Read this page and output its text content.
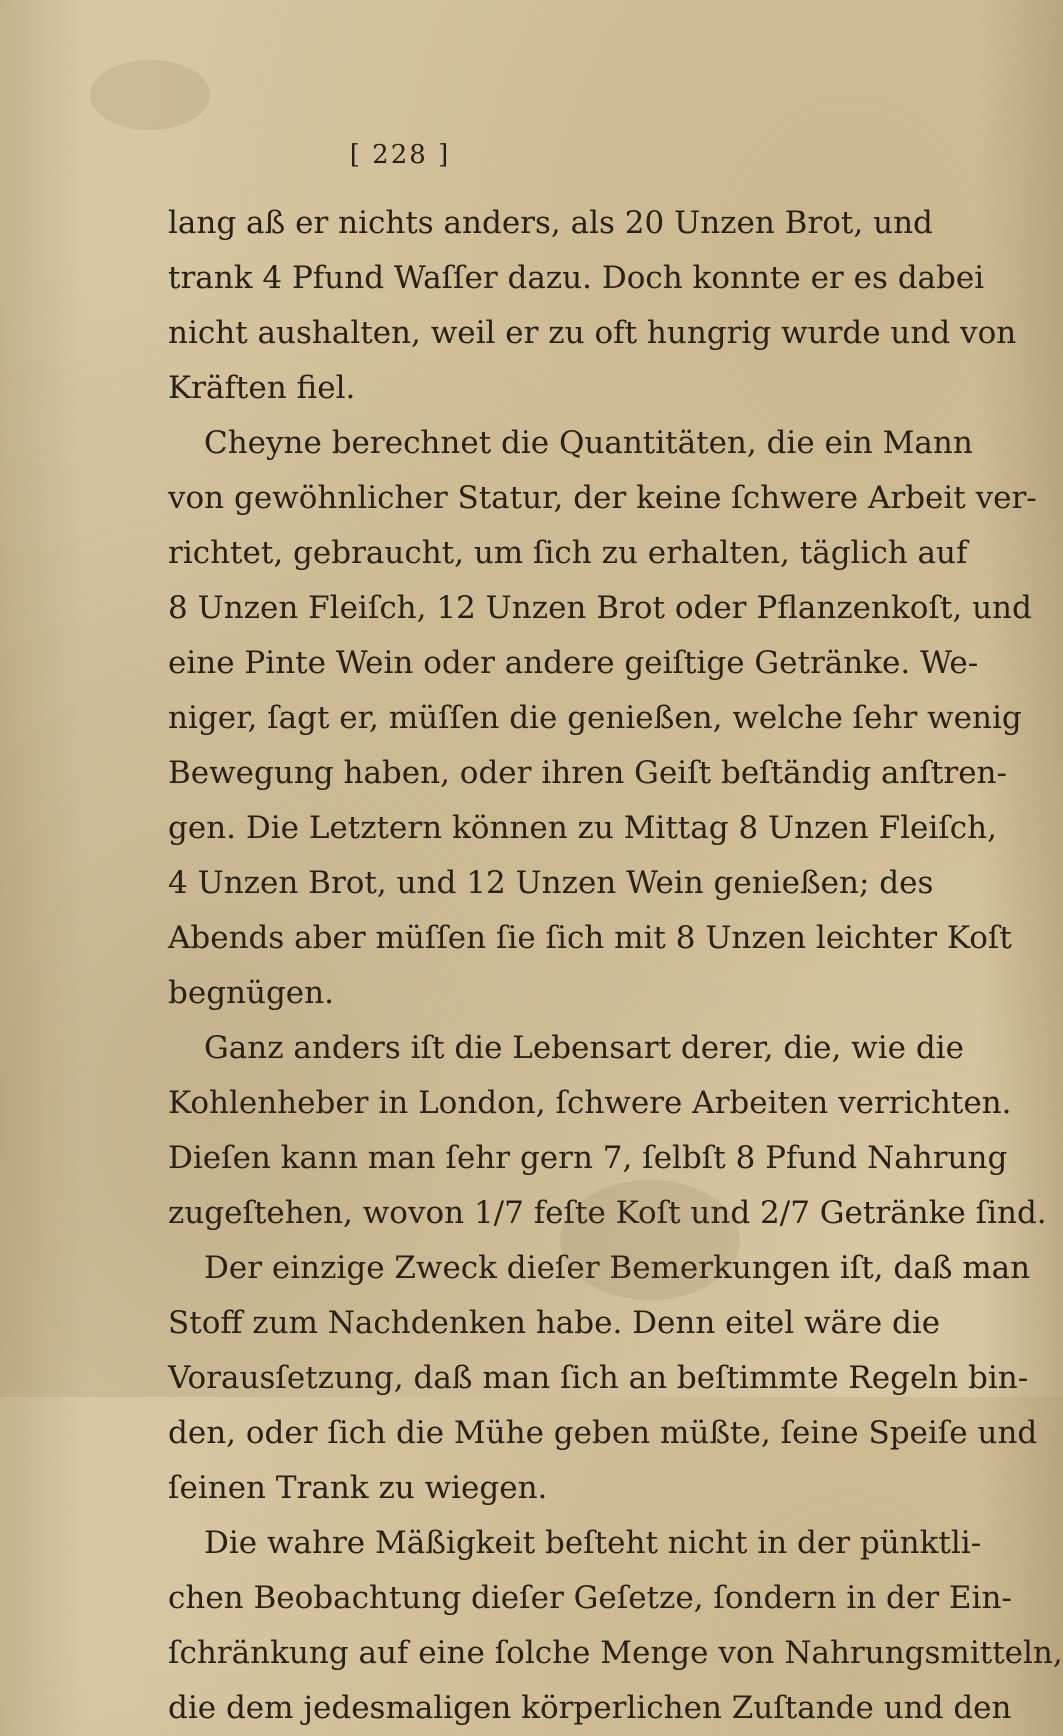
[ 228 ]
lang aß er nichts anders, als 20 Unzen Brot, und
trank 4 Pfund Waſſer dazu. Doch konnte er es dabei
nicht aushalten, weil er zu oft hungrig wurde und von
Kräften fiel.
Cheyne berechnet die Quantitäten, die ein Mann
von gewöhnlicher Statur, der keine ſchwere Arbeit ver-
richtet, gebraucht, um ſich zu erhalten, täglich auf
8 Unzen Fleiſch, 12 Unzen Brot oder Pflanzenkoſt, und
eine Pinte Wein oder andere geiſtige Getränke. We-
niger, ſagt er, müſſen die genießen, welche ſehr wenig
Bewegung haben, oder ihren Geiſt beſtändig anſtren-
gen. Die Letztern können zu Mittag 8 Unzen Fleiſch,
4 Unzen Brot, und 12 Unzen Wein genießen; des
Abends aber müſſen ſie ſich mit 8 Unzen leichter Koſt
begnügen.
Ganz anders iſt die Lebensart derer, die, wie die
Kohlenheber in London, ſchwere Arbeiten verrichten.
Dieſen kann man ſehr gern 7, ſelbſt 8 Pfund Nahrung
zugeſtehen, wovon 1/7 feſte Koſt und 2/7 Getränke ſind.
Der einzige Zweck dieſer Bemerkungen iſt, daß man
Stoff zum Nachdenken habe. Denn eitel wäre die
Vorausſetzung, daß man ſich an beſtimmte Regeln bin-
den, oder ſich die Mühe geben müßte, ſeine Speiſe und
ſeinen Trank zu wiegen.
Die wahre Mäßigkeit beſteht nicht in der pünktli-
chen Beobachtung dieſer Geſetze, ſondern in der Ein-
ſchränkung auf eine ſolche Menge von Nahrungsmitteln,
die dem jedesmaligen körperlichen Zuſtande und den
